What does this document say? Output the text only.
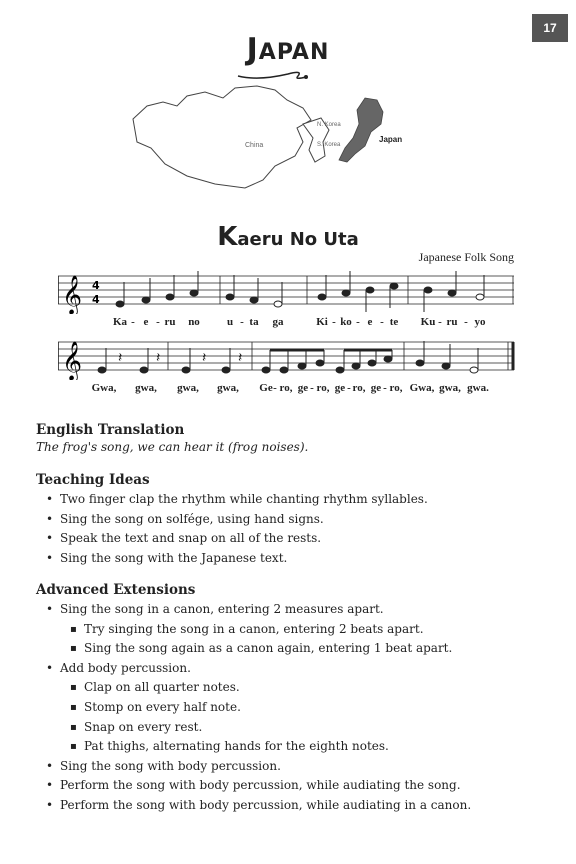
17
JAPAN
China
N. Korea
S. Korea
Japan
Kaeru No Uta
Japanese Folk Song
𝄞 4
4
Ka - e - ru no u - ta ga	Ki - ko - e - te Ku - ru - yo
𝄞	𝄽 𝄽	𝄽 𝄽
Gwa, gwa, gwa, gwa, Ge - ro, ge - ro, ge - ro, ge - ro, Gwa, gwa, gwa.
English Translation
The frog's song, we can hear it (frog noises).
Teaching Ideas
• Two finger clap the rhythm while chanting rhythm syllables.
• Sing the song on solfége, using hand signs.
• Speak the text and snap on all of the rests.
• Sing the song with the Japanese text.
Advanced Extensions
• Sing the song in a canon, entering 2 measures apart.
▪ Try singing the song in a canon, entering 2 beats apart.
▪ Sing the song again as a canon again, entering 1 beat apart.
• Add body percussion.
▪ Clap on all quarter notes.
▪ Stomp on every half note.
▪ Snap on every rest.
▪ Pat thighs, alternating hands for the eighth notes.
• Sing the song with body percussion.
• Perform the song with body percussion, while audiating the song.
• Perform the song with body percussion, while audiating in a canon.
